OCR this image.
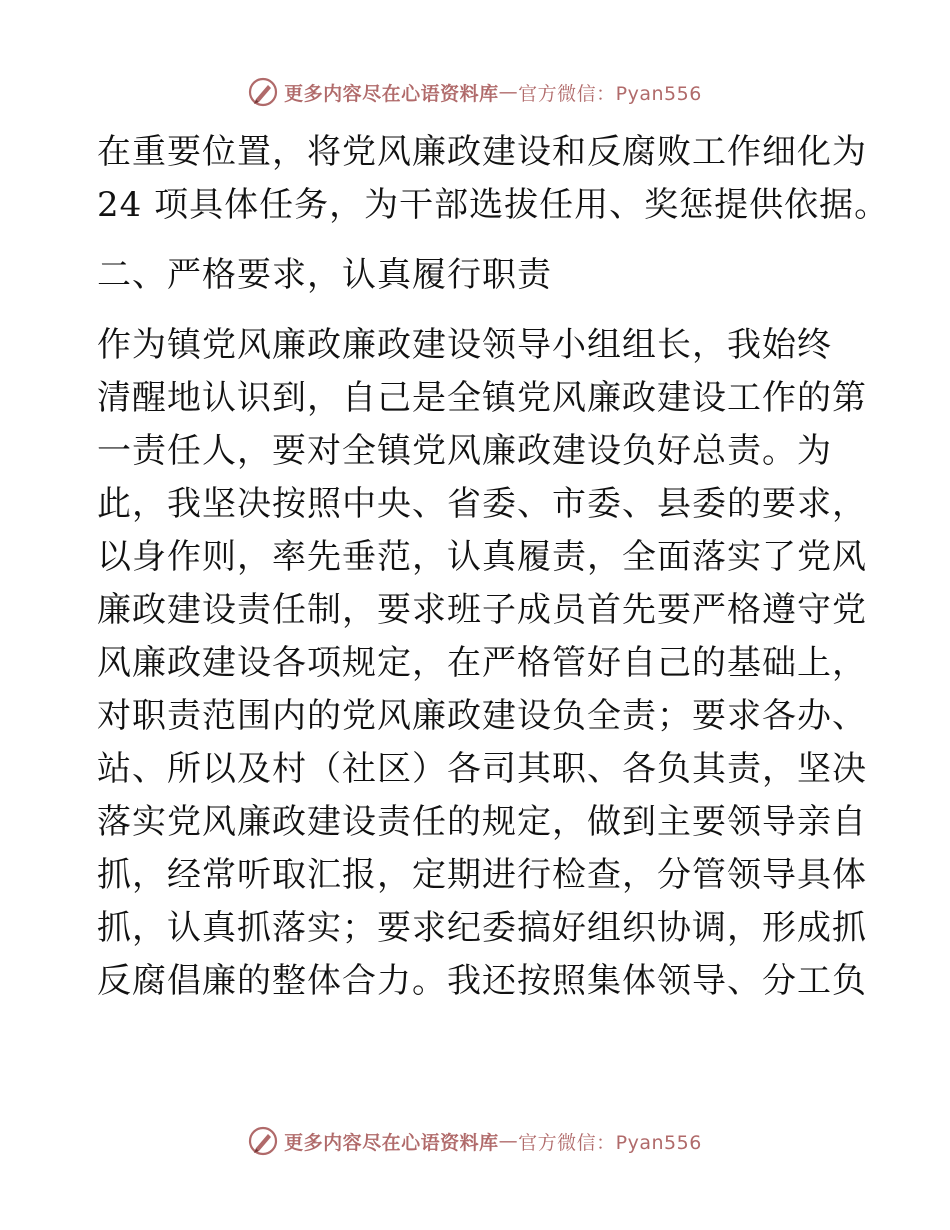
更多内容尽在心语资料库 — 官方微信：Pyan556
在重要位置，将党风廉政建设和反腐败工作细化为
24 项具体任务，为干部选拔任用、奖惩提供依据。
二、严格要求，认真履行职责
作为镇党风廉政廉政建设领导小组组长，我始终
清醒地认识到，自己是全镇党风廉政建设工作的第
一责任人，要对全镇党风廉政建设负好总责。为
此，我坚决按照中央、省委、市委、县委的要求，
以身作则，率先垂范，认真履责，全面落实了党风
廉政建设责任制，要求班子成员首先要严格遵守党
风廉政建设各项规定，在严格管好自己的基础上，
对职责范围内的党风廉政建设负全责；要求各办、
站、所以及村（社区）各司其职、各负其责，坚决
落实党风廉政建设责任的规定，做到主要领导亲自
抓，经常听取汇报，定期进行检查，分管领导具体
抓，认真抓落实；要求纪委搞好组织协调，形成抓
反腐倡廉的整体合力。我还按照集体领导、分工负
更多内容尽在心语资料库 — 官方微信：Pyan556
